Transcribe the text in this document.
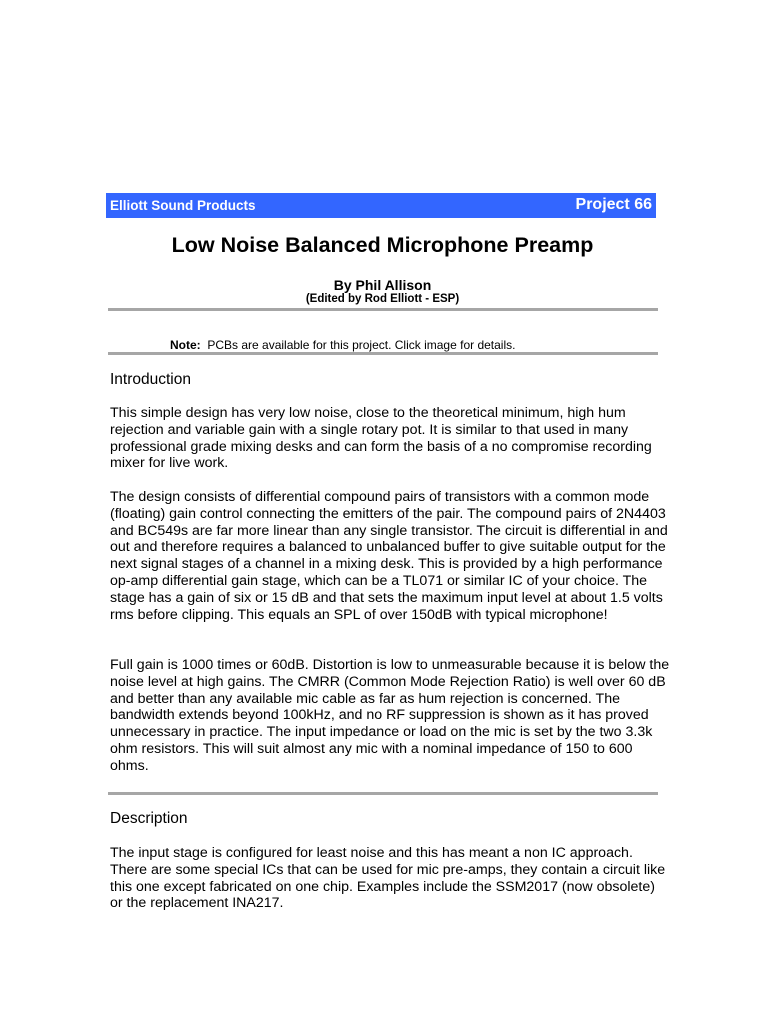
Elliott Sound Products	Project 66
Low Noise Balanced Microphone Preamp
By Phil Allison
(Edited by Rod Elliott - ESP)
Note: PCBs are available for this project. Click image for details.
Introduction

This simple design has very low noise, close to the theoretical minimum, high hum rejection and variable gain with a single rotary pot. It is similar to that used in many professional grade mixing desks and can form the basis of a no compromise recording mixer for live work.

The design consists of differential compound pairs of transistors with a common mode (floating) gain control connecting the emitters of the pair. The compound pairs of 2N4403 and BC549s are far more linear than any single transistor. The circuit is differential in and out and therefore requires a balanced to unbalanced buffer to give suitable output for the next signal stages of a channel in a mixing desk. This is provided by a high performance op-amp differential gain stage, which can be a TL071 or similar IC of your choice. The stage has a gain of six or 15 dB and that sets the maximum input level at about 1.5 volts rms before clipping. This equals an SPL of over 150dB with typical microphone!

Full gain is 1000 times or 60dB. Distortion is low to unmeasurable because it is below the noise level at high gains. The CMRR (Common Mode Rejection Ratio) is well over 60 dB and better than any available mic cable as far as hum rejection is concerned. The bandwidth extends beyond 100kHz, and no RF suppression is shown as it has proved unnecessary in practice. The input impedance or load on the mic is set by the two 3.3k ohm resistors. This will suit almost any mic with a nominal impedance of 150 to 600 ohms.

Description

The input stage is configured for least noise and this has meant a non IC approach. There are some special ICs that can be used for mic pre-amps, they contain a circuit like this one except fabricated on one chip. Examples include the SSM2017 (now obsolete) or the replacement INA217.
